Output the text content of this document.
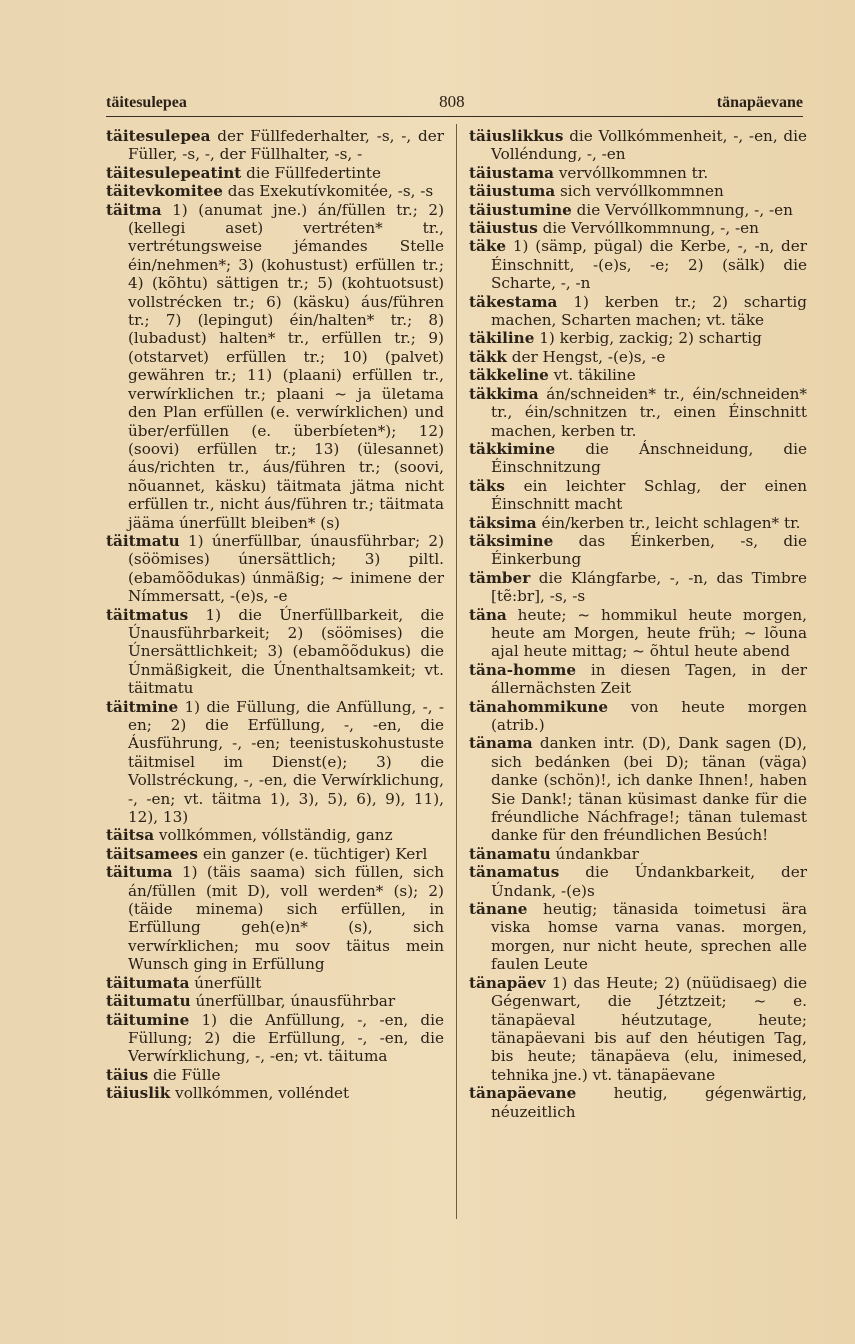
täitesulepea	808	tänapäevane
täitesulepea der Füllfederhalter, -s, -, der Füller, -s, -, der Füllhalter, -s, -
täitesulepeatint die Füllfedertinte
täitevkomitee das Exekutívkomitée, -s, -s
täitma 1) (anumat jne.) án/füllen tr.; 2) (kellegi aset) vertréten* tr., vertrétungsweise jémandes Stelle éin/nehmen*; 3) (kohustust) erfüllen tr.; 4) (kõhtu) sättigen tr.; 5) (kohtuotsust) vollstrécken tr.; 6) (käsku) áus/führen tr.; 7) (lepingut) éin/halten* tr.; 8) (lubadust) halten* tr., erfüllen tr.; 9) (otstarvet) erfüllen tr.; 10) (palvet) gewähren tr.; 11) (plaani) erfüllen tr., verwírklichen tr.; plaani ~ ja ületama den Plan erfüllen (e. verwírklichen) und über/erfüllen (e. überbíeten*); 12) (soovi) erfüllen tr.; 13) (ülesannet) áus/richten tr., áus/führen tr.; (soovi, nõuannet, käsku) täitmata jätma nicht erfüllen tr., nicht áus/führen tr.; täitmata jääma únerfüllt bleiben* (s)
täitmatu 1) únerfüllbar, únausführbar; 2) (söömises) únersättlich; 3) piltl. (ebamõõdukas) únmäßig; ~ inimene der Nímmersatt, -(e)s, -e
täitmatus 1) die Únerfüllbarkeit, die Únausführbarkeit; 2) (söömises) die Únersättlichkeit; 3) (ebamõõdukus) die Únmäßigkeit, die Únenthaltsamkeit; vt. täitmatu
täitmine 1) die Füllung, die Anfüllung, -, -en; 2) die Erfüllung, -, -en, die Áusführung, -, -en; teenistuskohustuste täitmisel im Dienst(e); 3) die Vollstréckung, -, -en, die Verwírklichung, -, -en; vt. täitma 1), 3), 5), 6), 9), 11), 12), 13)
täitsa vollkómmen, vóllständig, ganz
täitsamees ein ganzer (e. tüchtiger) Kerl
täituma 1) (täis saama) sich füllen, sich án/füllen (mit D), voll werden* (s); 2) (täide minema) sich erfüllen, in Erfüllung geh(e)n* (s), sich verwírklichen; mu soov täitus mein Wunsch ging in Erfüllung
täitumata únerfüllt
täitumatu únerfüllbar, únausführbar
täitumine 1) die Anfüllung, -, -en, die Füllung; 2) die Erfüllung, -, -en, die Verwírklichung, -, -en; vt. täituma
täius die Fülle
täiuslik vollkómmen, volléndet
täiuslikkus die Vollkómmenheit, -, -en, die Volléndung, -, -en
täiustama vervóllkommnen tr.
täiustuma sich vervóllkommnen
täiustumine die Vervóllkommnung, -, -en
täiustus die Vervóllkommnung, -, -en
täke 1) (sämp, pügal) die Kerbe, -, -n, der Éinschnitt, -(e)s, -e; 2) (sälk) die Scharte, -, -n
täkestama 1) kerben tr.; 2) schartig machen, Scharten machen; vt. täke
täkiline 1) kerbig, zackig; 2) schartig
täkk der Hengst, -(e)s, -e
täkkeline vt. täkiline
täkkima án/schneiden* tr., éin/schneiden* tr., éin/schnitzen tr., einen Éinschnitt machen, kerben tr.
täkkimine die Ánschneidung, die Éinschnitzung
täks ein leichter Schlag, der einen Éinschnitt macht
täksima éin/kerben tr., leicht schlagen* tr.
täksimine das Éinkerben, -s, die Éinkerbung
tämber die Klángfarbe, -, -n, das Timbre [tẽ:br], -s, -s
täna heute; ~ hommikul heute morgen, heute am Morgen, heute früh; ~ lõuna ajal heute mittag; ~ õhtul heute abend
täna-homme in diesen Tagen, in der állernächsten Zeit
tänahommikune von heute morgen (atrib.)
tänama danken intr. (D), Dank sagen (D), sich bedánken (bei D); tänan (väga) danke (schön)!, ich danke Ihnen!, haben Sie Dank!; tänan küsimast danke für die fréundliche Náchfrage!; tänan tulemast danke für den fréundlichen Besúch!
tänamatu úndankbar
tänamatus die Úndankbarkeit, der Úndank, -(e)s
tänane heutig; tänasida toimetusi ära viska homse varna vanas. morgen, morgen, nur nicht heute, sprechen alle faulen Leute
tänapäev 1) das Heute; 2) (nüüdisaeg) die Gégenwart, die Jétztzeit; ~ e. tänapäeval héutzutage, heute; tänapäevani bis auf den héutigen Tag, bis heute; tänapäeva (elu, inimesed, tehnika jne.) vt. tänapäevane
tänapäevane heutig, gégenwärtig, néuzeitlich
